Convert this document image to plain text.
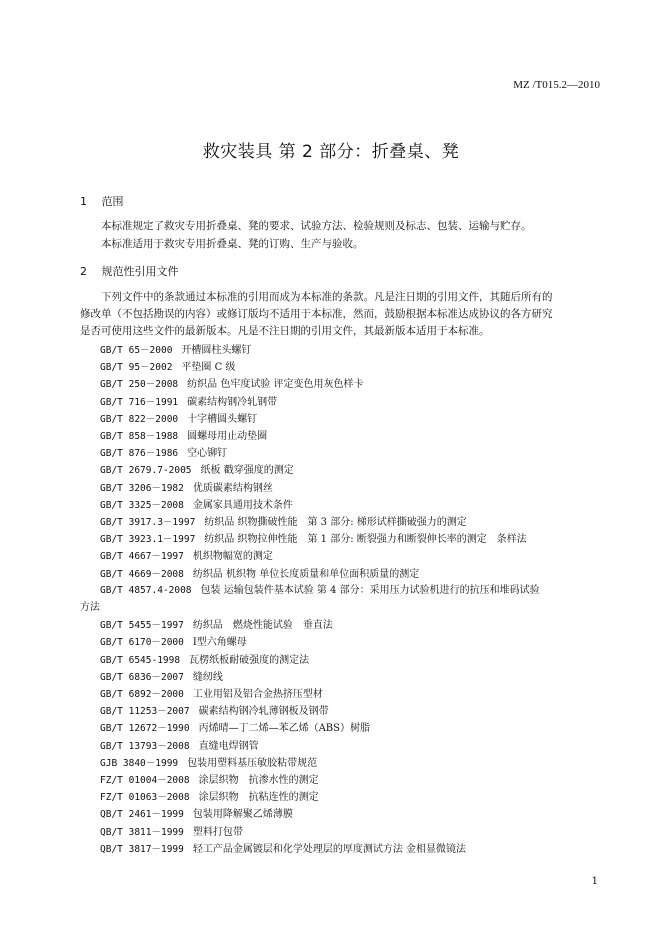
MZ /T015.2—2010
救灾装具 第 2 部分：折叠桌、凳
1 范围
本标准规定了救灾专用折叠桌、凳的要求、试验方法、检验规则及标志、包装、运输与贮存。
本标准适用于救灾专用折叠桌、凳的订购、生产与验收。
2 规范性引用文件
下列文件中的条款通过本标准的引用而成为本标准的条款。凡是注日期的引用文件，其随后所有的
修改单（不包括勘误的内容）或修订版均不适用于本标准，然而，鼓励根据本标准达成协议的各方研究
是否可使用这些文件的最新版本。凡是不注日期的引用文件，其最新版本适用于本标准。
GB/T 65－2000 开槽圆柱头螺钉
GB/T 95－2002 平垫圈 C 级
GB/T 250－2008 纺织品 色牢度试验 评定变色用灰色样卡
GB/T 716－1991 碳素结构钢冷轧钢带
GB/T 822－2000 十字槽圆头螺钉
GB/T 858－1988 圆螺母用止动垫圈
GB/T 876－1986 空心铆钉
GB/T 2679.7-2005 纸板 戳穿强度的测定
GB/T 3206－1982 优质碳素结构钢丝
GB/T 3325－2008 金属家具通用技术条件
GB/T 3917.3－1997 纺织品 织物撕破性能　第 3 部分: 梯形试样撕破强力的测定
GB/T 3923.1－1997 纺织品 织物拉伸性能　第 1 部分: 断裂强力和断裂伸长率的测定　条样法
GB/T 4667－1997 机织物幅宽的测定
GB/T 4669－2008 纺织品 机织物 单位长度质量和单位面积质量的测定
GB/T 4857.4-2008 包装 运输包装件基本试验 第 4 部分：采用压力试验机进行的抗压和堆码试验
方法
GB/T 5455－1997 纺织品　燃烧性能试验　垂直法
GB/T 6170－2000 Ⅰ型六角螺母
GB/T 6545-1998 瓦楞纸板耐破强度的测定法
GB/T 6836－2007 缝纫线
GB/T 6892－2000 工业用铝及铝合金热挤压型材
GB/T 11253－2007 碳素结构钢冷轧薄钢板及钢带
GB/T 12672－1990 丙烯晴—丁二烯—苯乙烯（ABS）树脂
GB/T 13793－2008 直缝电焊钢管
GJB 3840－1999 包装用塑料基压敏胶粘带规范
FZ/T 01004－2008 涂层织物　抗渗水性的测定
FZ/T 01063－2008 涂层织物　抗粘连性的测定
QB/T 2461－1999 包装用降解聚乙烯薄膜
QB/T 3811－1999 塑料打包带
QB/T 3817－1999 轻工产品金属镀层和化学处理层的厚度测试方法 金相显微镜法
1
